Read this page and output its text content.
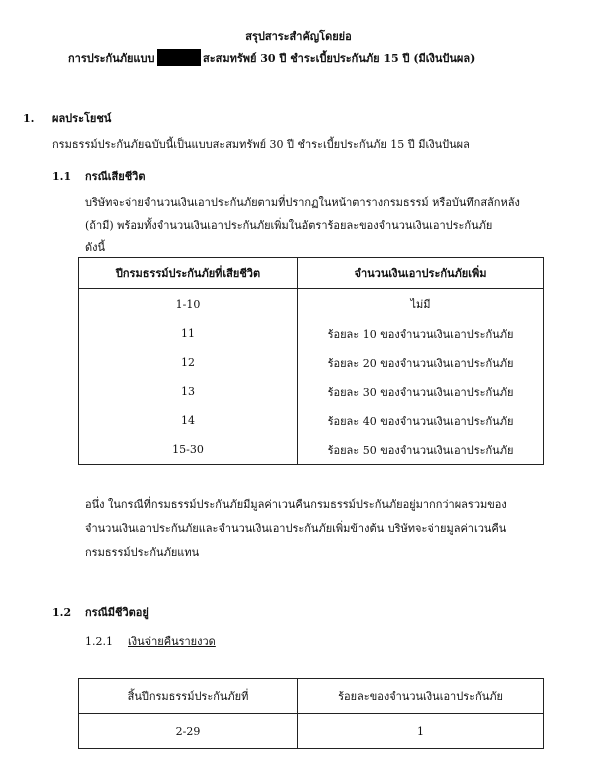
สรุปสาระสำคัญโดยย่อ
การประกันภัยแบบ	สะสมทรัพย์ 30 ปี ชำระเบี้ยประกันภัย 15 ปี (มีเงินปันผล)
1. ผลประโยชน์
กรมธรรม์ประกันภัยฉบับนี้เป็นแบบสะสมทรัพย์ 30 ปี ชำระเบี้ยประกันภัย 15 ปี มีเงินปันผล
1.1 กรณีเสียชีวิต
บริษัทจะจ่ายจำนวนเงินเอาประกันภัยตามที่ปรากฏในหน้าตารางกรมธรรม์ หรือบันทึกสลักหลัง
(ถ้ามี) พร้อมทั้งจำนวนเงินเอาประกันภัยเพิ่มในอัตราร้อยละของจำนวนเงินเอาประกันภัย
ดังนี้
ปีกรมธรรม์ประกันภัยที่เสียชีวิต	จำนวนเงินเอาประกันภัยเพิ่ม
1-10	ไม่มี
11	ร้อยละ 10 ของจำนวนเงินเอาประกันภัย
12	ร้อยละ 20 ของจำนวนเงินเอาประกันภัย
13	ร้อยละ 30 ของจำนวนเงินเอาประกันภัย
14	ร้อยละ 40 ของจำนวนเงินเอาประกันภัย
15-30	ร้อยละ 50 ของจำนวนเงินเอาประกันภัย
อนึ่ง ในกรณีที่กรมธรรม์ประกันภัยมีมูลค่าเวนคืนกรมธรรม์ประกันภัยอยู่มากกว่าผลรวมของ
จำนวนเงินเอาประกันภัยและจำนวนเงินเอาประกันภัยเพิ่มข้างต้น บริษัทจะจ่ายมูลค่าเวนคืน
กรมธรรม์ประกันภัยแทน
1.2 กรณีมีชีวิตอยู่
1.2.1 เงินจ่ายคืนรายงวด
สิ้นปีกรมธรรม์ประกันภัยที่	ร้อยละของจำนวนเงินเอาประกันภัย
2-29	1
